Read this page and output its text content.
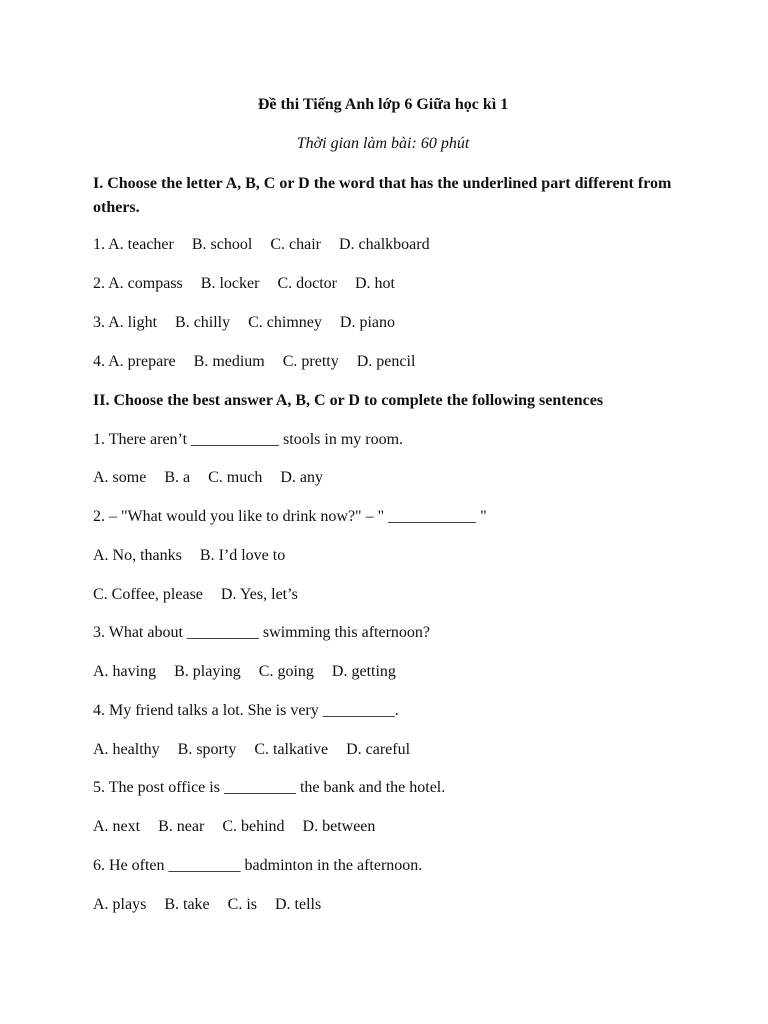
Đề thi Tiếng Anh lớp 6 Giữa học kì 1
Thời gian làm bài: 60 phút
I. Choose the letter A, B, C or D the word that has the underlined part different from others.
1. A. teacher B. school C. chair D. chalkboard
2. A. compass B. locker C. doctor D. hot
3. A. light B. chilly C. chimney D. piano
4. A. prepare B. medium C. pretty D. pencil
II. Choose the best answer A, B, C or D to complete the following sentences
1. There aren’t ___________ stools in my room.
A. some B. a C. much D. any
2. – "What would you like to drink now?" – " ___________ "
A. No, thanks B. I’d love to
C. Coffee, please D. Yes, let’s
3. What about _________ swimming this afternoon?
A. having B. playing C. going D. getting
4. My friend talks a lot. She is very _________.
A. healthy B. sporty C. talkative D. careful
5. The post office is _________ the bank and the hotel.
A. next B. near C. behind D. between
6. He often _________ badminton in the afternoon.
A. plays B. take C. is D. tells
